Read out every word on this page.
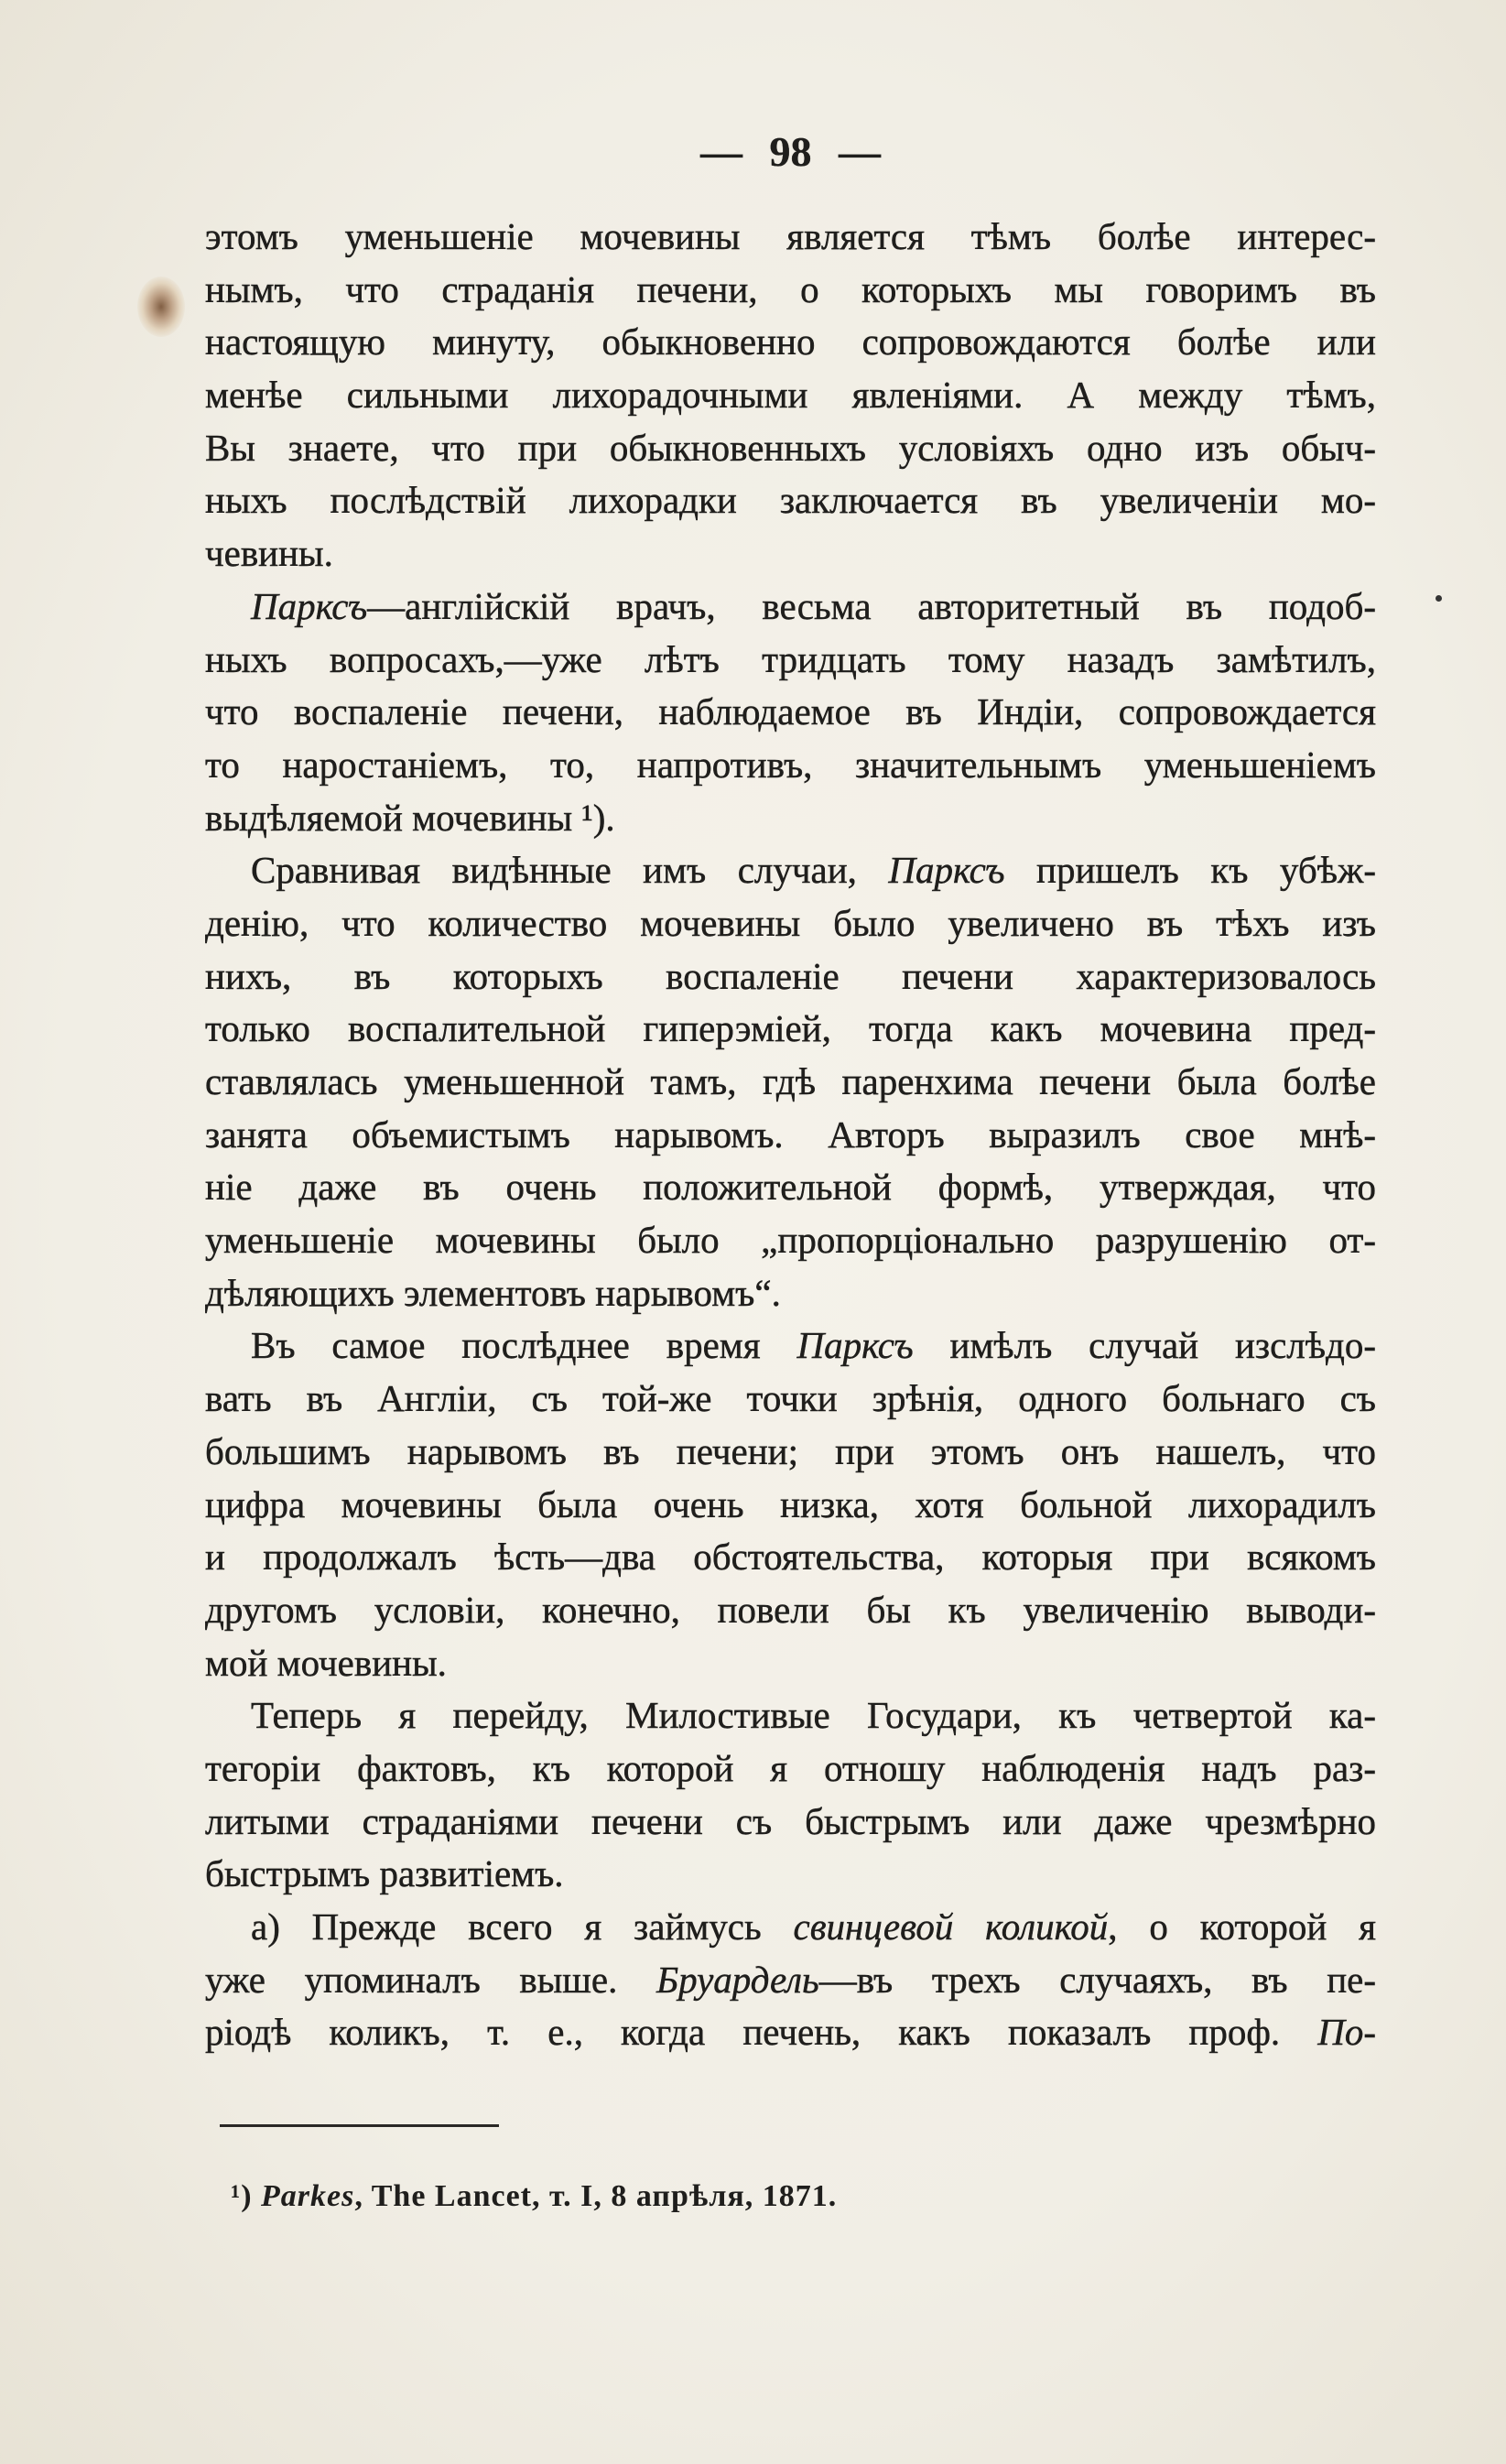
— 98 —
этомъ уменьшеніе мочевины является тѣмъ болѣе интерес-
нымъ, что страданія печени, о которыхъ мы говоримъ въ
настоящую минуту, обыкновенно сопровождаются болѣе или
менѣе сильными лихорадочными явленіями. А между тѣмъ,
Вы знаете, что при обыкновенныхъ условіяхъ одно изъ обыч-
ныхъ послѣдствій лихорадки заключается въ увеличеніи мо-
чевины.
Парксъ—англійскій врачъ, весьма авторитетный въ подоб-
ныхъ вопросахъ,—уже лѣтъ тридцать тому назадъ замѣтилъ,
что воспаленіе печени, наблюдаемое въ Индіи, сопровождается
то наростаніемъ, то, напротивъ, значительнымъ уменьшеніемъ
выдѣляемой мочевины ¹).
Сравнивая видѣнные имъ случаи, Парксъ пришелъ къ убѣж-
денію, что количество мочевины было увеличено въ тѣхъ изъ
нихъ, въ которыхъ воспаленіе печени характеризовалось
только воспалительной гиперэміей, тогда какъ мочевина пред-
ставлялась уменьшенной тамъ, гдѣ паренхима печени была болѣе
занята объемистымъ нарывомъ. Авторъ выразилъ свое мнѣ-
ніе даже въ очень положительной формѣ, утверждая, что
уменьшеніе мочевины было „пропорціонально разрушенію от-
дѣляющихъ элементовъ нарывомъ“.
Въ самое послѣднее время Парксъ имѣлъ случай изслѣдо-
вать въ Англіи, съ той-же точки зрѣнія, одного больнаго съ
большимъ нарывомъ въ печени; при этомъ онъ нашелъ, что
цифра мочевины была очень низка, хотя больной лихорадилъ
и продолжалъ ѣсть—два обстоятельства, которыя при всякомъ
другомъ условіи, конечно, повели бы къ увеличенію выводи-
мой мочевины.
Теперь я перейду, Милостивые Государи, къ четвертой ка-
тегоріи фактовъ, къ которой я отношу наблюденія надъ раз-
литыми страданіями печени съ быстрымъ или даже чрезмѣрно
быстрымъ развитіемъ.
а) Прежде всего я займусь свинцевой коликой, о которой я
уже упоминалъ выше. Бруардель—въ трехъ случаяхъ, въ пе-
ріодѣ коликъ, т. е., когда печень, какъ показалъ проф. По-
¹) Parkes, The Lancet, т. I, 8 апрѣля, 1871.
